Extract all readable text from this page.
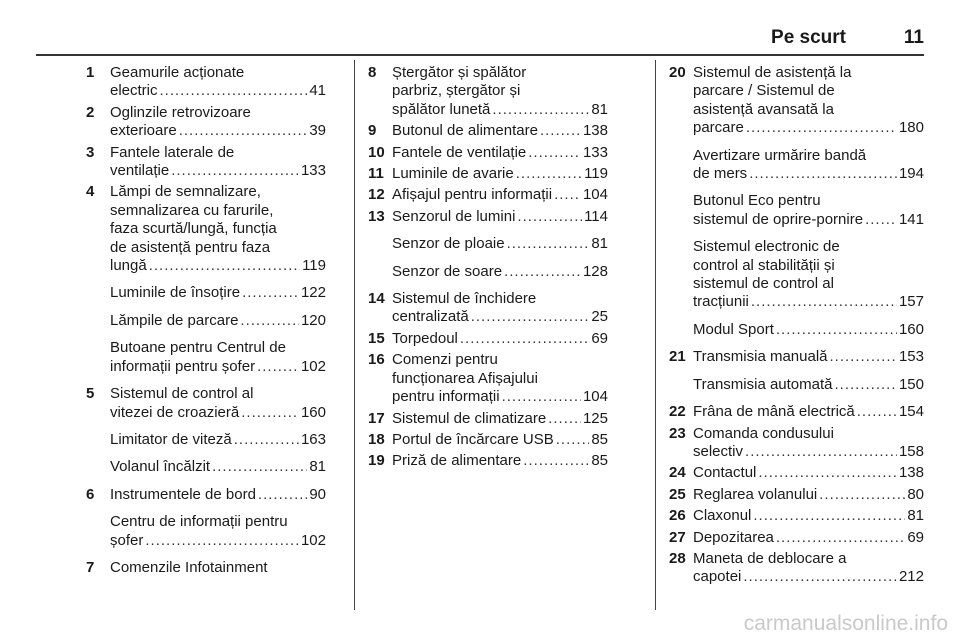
Pe scurt	11
1 Geamurile acționate
electric .....	41
2 Oglinzile retrovizoare
exterioare .....	39
3 Fantele laterale de
ventilație .....	133
4 Lămpi de semnalizare,
semnalizarea cu farurile,
faza scurtă/lungă, funcția
de asistență pentru faza
lungă .....	119
Luminile de însoțire .....	122
Lămpile de parcare .....	120
Butoane pentru Centrul de
informații pentru șofer .....	102
5 Sistemul de control al
vitezei de croazieră .....	160
Limitator de viteză .....	163
Volanul încălzit .....	81
6 Instrumentele de bord .....	90
Centru de informații pentru
șofer .....	102
7 Comenzile Infotainment
8 Ștergător și spălător
parbriz, ștergător și
spălător lunetă .....	81
9 Butonul de alimentare .....	138
10 Fantele de ventilație .....	133
11 Luminile de avarie .....	119
12 Afișajul pentru informații ..... 104
13 Senzorul de lumini .....	114
Senzor de ploaie .....	81
Senzor de soare .....	128
14 Sistemul de închidere
centralizată .....	25
15 Torpedoul .....	69
16 Comenzi pentru
funcționarea Afișajului
pentru informații .....	104
17 Sistemul de climatizare ..... 125
18 Portul de încărcare USB .....	85
19 Priză de alimentare .....	85
20 Sistemul de asistență la
parcare / Sistemul de
asistență avansată la
parcare .....	180
Avertizare urmărire bandă
de mers .....	194
Butonul Eco pentru
sistemul de oprire-pornire ..... 141
Sistemul electronic de
control al stabilității și
sistemul de control al
tracțiunii .....	157
Modul Sport .....	160
21 Transmisia manuală .....	153
Transmisia automată .....	150
22 Frâna de mână electrică .....	154
23 Comanda condusului
selectiv .....	158
24 Contactul .....	138
25 Reglarea volanului .....	80
26 Claxonul .....	81
27 Depozitarea .....	69
28 Maneta de deblocare a
capotei .....	212
carmanualsonline.info
